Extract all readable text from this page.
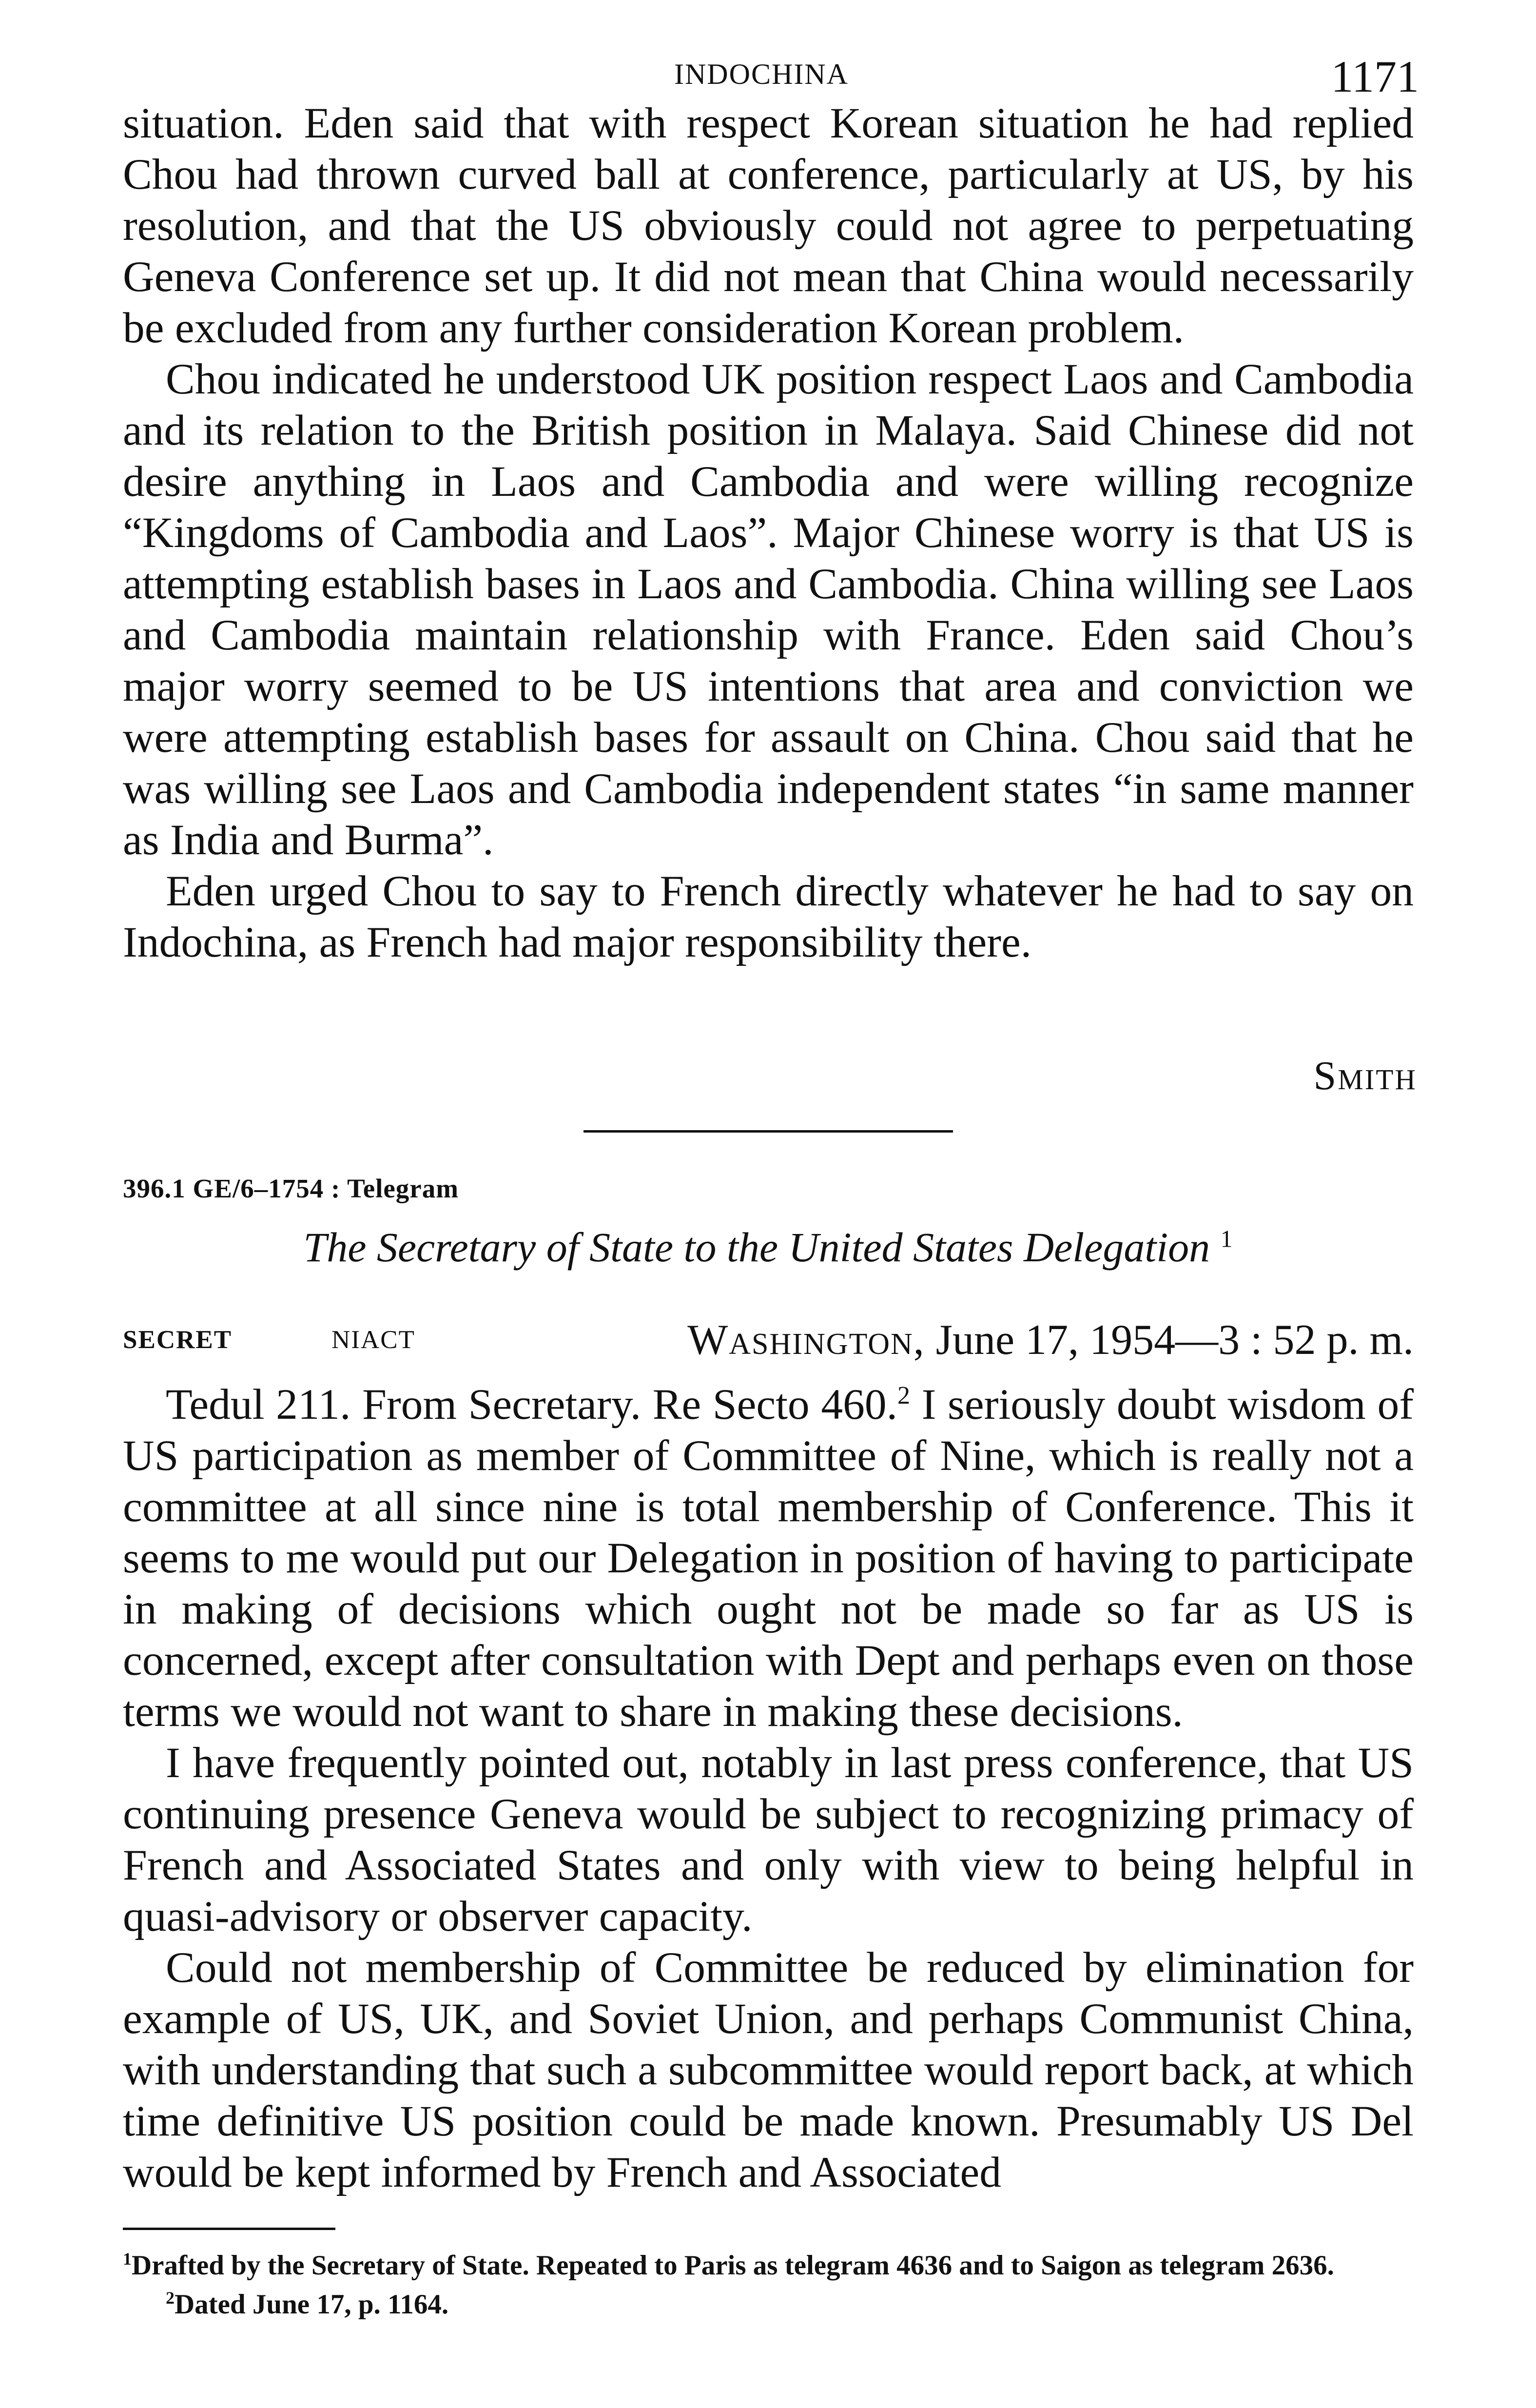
INDOCHINA	1171

situation. Eden said that with respect Korean situation he had replied Chou had thrown curved ball at conference, particularly at US, by his resolution, and that the US obviously could not agree to perpetuating Geneva Conference set up. It did not mean that China would necessarily be excluded from any further consideration Korean problem.

Chou indicated he understood UK position respect Laos and Cambodia and its relation to the British position in Malaya. Said Chinese did not desire anything in Laos and Cambodia and were willing recognize “Kingdoms of Cambodia and Laos”. Major Chinese worry is that US is attempting establish bases in Laos and Cambodia. China willing see Laos and Cambodia maintain relationship with France. Eden said Chou’s major worry seemed to be US intentions that area and conviction we were attempting establish bases for assault on China. Chou said that he was willing see Laos and Cambodia independent states “in same manner as India and Burma”.

Eden urged Chou to say to French directly whatever he had to say on Indochina, as French had major responsibility there.

Smith
396.1 GE/6–1754 : Telegram
The Secretary of State to the United States Delegation $^1$
SECRET	NIACT	Washington, June 17, 1954—3 : 52 p. m.

Tedul 211. From Secretary. Re Secto 460.$^2$ I seriously doubt wisdom of US participation as member of Committee of Nine, which is really not a committee at all since nine is total membership of Conference. This it seems to me would put our Delegation in position of having to participate in making of decisions which ought not be made so far as US is concerned, except after consultation with Dept and perhaps even on those terms we would not want to share in making these decisions.

I have frequently pointed out, notably in last press conference, that US continuing presence Geneva would be subject to recognizing primacy of French and Associated States and only with view to being helpful in quasi-advisory or observer capacity.

Could not membership of Committee be reduced by elimination for example of US, UK, and Soviet Union, and perhaps Communist China, with understanding that such a subcommittee would report back, at which time definitive US position could be made known. Presumably US Del would be kept informed by French and Associated

$^1$Drafted by the Secretary of State. Repeated to Paris as telegram 4636 and to Saigon as telegram 2636.

$^2$Dated June 17, p. 1164.
